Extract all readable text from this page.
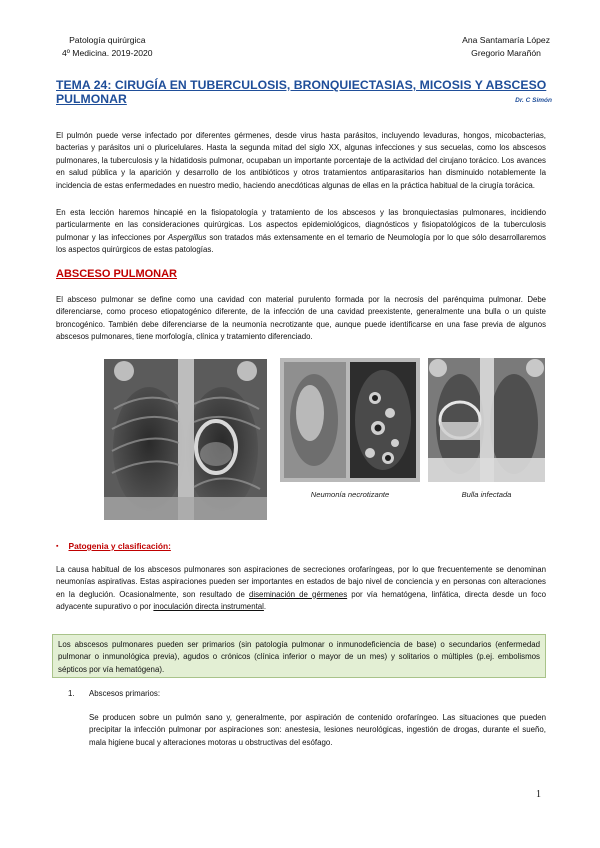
Patología quirúrgica
4º Medicina. 2019-2020
Ana Santamaría López
Gregorio Marañón
TEMA 24: CIRUGÍA EN TUBERCULOSIS, BRONQUIECTASIAS, MICOSIS Y ABSCESO PULMONAR	Dr. C Simón
El pulmón puede verse infectado por diferentes gérmenes, desde virus hasta parásitos, incluyendo levaduras, hongos, micobacterias, bacterias y parásitos uni o pluricelulares. Hasta la segunda mitad del siglo XX, algunas infecciones y sus secuelas, como los abscesos pulmonares, la tuberculosis y la hidatidosis pulmonar, ocupaban un importante porcentaje de la actividad del cirujano torácico. Los avances en salud pública y la aparición y desarrollo de los antibióticos y otros tratamientos antiparasitarios han disminuido notablemente la incidencia de estas enfermedades en nuestro medio, haciendo anecdóticas algunas de ellas en la práctica habitual de la cirugía torácica.
En esta lección haremos hincapié en la fisiopatología y tratamiento de los abscesos y las bronquiectasias pulmonares, incidiendo particularmente en las consideraciones quirúrgicas. Los aspectos epidemiológicos, diagnósticos y fisiopatológicos de la tuberculosis pulmonar y las infecciones por Aspergillus son tratados más extensamente en el temario de Neumología por lo que sólo desarrollaremos los aspectos quirúrgicos de estas patologías.
ABSCESO PULMONAR
El absceso pulmonar se define como una cavidad con material purulento formada por la necrosis del parénquima pulmonar. Debe diferenciarse, como proceso etiopatogénico diferente, de la infección de una cavidad preexistente, generalmente una bulla o un quiste broncogénico. También debe diferenciarse de la neumonía necrotizante que, aunque puede identificarse en una fase previa de algunos abscesos pulmonares, tiene morfología, clínica y tratamiento diferenciado.
Neumonía necrotizante	Bulla infectada
▪ Patogenia y clasificación:
La causa habitual de los abscesos pulmonares son aspiraciones de secreciones orofaríngeas, por lo que frecuentemente se denominan neumonías aspirativas. Estas aspiraciones pueden ser importantes en estados de bajo nivel de conciencia y en personas con alteraciones en la deglución. Ocasionalmente, son resultado de diseminación de gérmenes por vía hematógena, linfática, directa desde un foco adyacente supurativo o por inoculación directa instrumental.
Los abscesos pulmonares pueden ser primarios (sin patología pulmonar o inmunodeficiencia de base) o secundarios (enfermedad pulmonar o inmunológica previa), agudos o crónicos (clínica inferior o mayor de un mes) y solitarios o múltiples (p.ej. embolismos sépticos por vía hematógena).
1. Abscesos primarios:
Se producen sobre un pulmón sano y, generalmente, por aspiración de contenido orofaríngeo. Las situaciones que pueden precipitar la infección pulmonar por aspiraciones son: anestesia, lesiones neurológicas, ingestión de drogas, durante el sueño, mala higiene bucal y alteraciones motoras u obstructivas del esófago.
1
